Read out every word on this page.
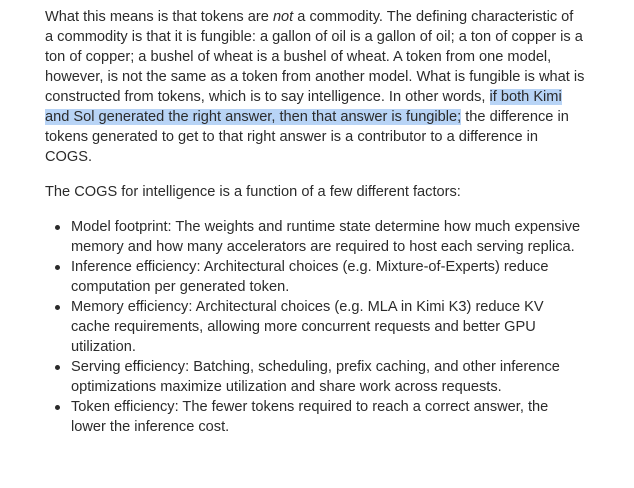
What this means is that tokens are not a commodity. The defining characteristic of a commodity is that it is fungible: a gallon of oil is a gallon of oil; a ton of copper is a ton of copper; a bushel of wheat is a bushel of wheat. A token from one model, however, is not the same as a token from another model. What is fungible is what is constructed from tokens, which is to say intelligence. In other words, if both Kimi and Sol generated the right answer, then that answer is fungible; the difference in tokens generated to get to that right answer is a contributor to a difference in COGS.

The COGS for intelligence is a function of a few different factors:

Model footprint: The weights and runtime state determine how much expensive memory and how many accelerators are required to host each serving replica.
Inference efficiency: Architectural choices (e.g. Mixture-of-Experts) reduce computation per generated token.
Memory efficiency: Architectural choices (e.g. MLA in Kimi K3) reduce KV cache requirements, allowing more concurrent requests and better GPU utilization.
Serving efficiency: Batching, scheduling, prefix caching, and other inference optimizations maximize utilization and share work across requests.
Token efficiency: The fewer tokens required to reach a correct answer, the lower the inference cost.
